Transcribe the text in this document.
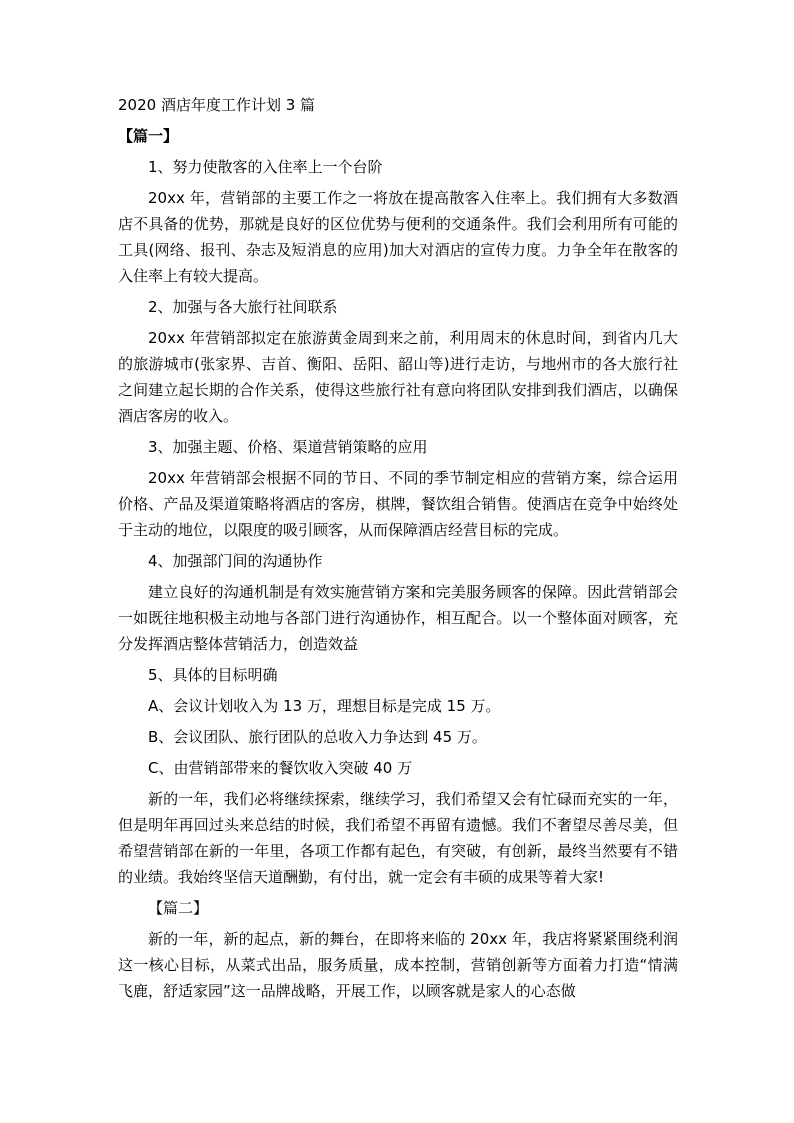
2020 酒店年度工作计划 3 篇

【篇一】

1、努力使散客的入住率上一个台阶

20xx 年，营销部的主要工作之一将放在提高散客入住率上。我们拥有大多数酒店不具备的优势，那就是良好的区位优势与便利的交通条件。我们会利用所有可能的工具(网络、报刊、杂志及短消息的应用)加大对酒店的宣传力度。力争全年在散客的入住率上有较大提高。

2、加强与各大旅行社间联系

20xx 年营销部拟定在旅游黄金周到来之前，利用周末的休息时间，到省内几大的旅游城市(张家界、吉首、衡阳、岳阳、韶山等)进行走访，与地州市的各大旅行社之间建立起长期的合作关系，使得这些旅行社有意向将团队安排到我们酒店，以确保酒店客房的收入。

3、加强主题、价格、渠道营销策略的应用

20xx 年营销部会根据不同的节日、不同的季节制定相应的营销方案，综合运用价格、产品及渠道策略将酒店的客房，棋牌，餐饮组合销售。使酒店在竞争中始终处于主动的地位，以限度的吸引顾客，从而保障酒店经营目标的完成。

4、加强部门间的沟通协作

建立良好的沟通机制是有效实施营销方案和完美服务顾客的保障。因此营销部会一如既往地积极主动地与各部门进行沟通协作，相互配合。以一个整体面对顾客，充分发挥酒店整体营销活力，创造效益

5、具体的目标明确

A、会议计划收入为 13 万，理想目标是完成 15 万。

B、会议团队、旅行团队的总收入力争达到 45 万。

C、由营销部带来的餐饮收入突破 40 万

新的一年，我们必将继续探索，继续学习，我们希望又会有忙碌而充实的一年，但是明年再回过头来总结的时候，我们希望不再留有遗憾。我们不奢望尽善尽美，但希望营销部在新的一年里，各项工作都有起色，有突破，有创新，最终当然要有不错的业绩。我始终坚信天道酬勤，有付出，就一定会有丰硕的成果等着大家!

【篇二】

新的一年，新的起点，新的舞台，在即将来临的 20xx 年，我店将紧紧围绕利润这一核心目标，从菜式出品，服务质量，成本控制，营销创新等方面着力打造“情满飞鹿，舒适家园”这一品牌战略，开展工作，以顾客就是家人的心态做
